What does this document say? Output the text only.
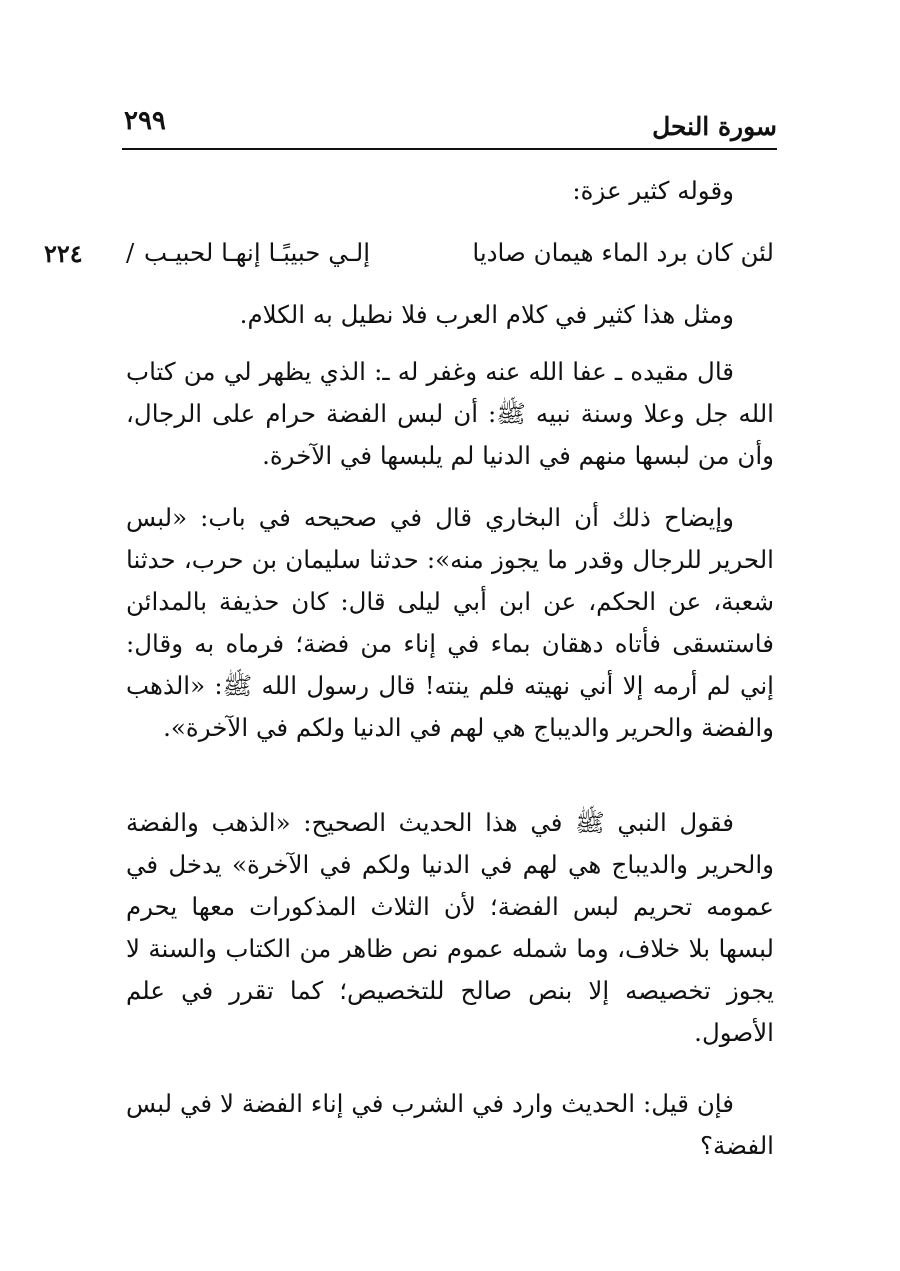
سورة النحل
٢٩٩
وقوله كثير عزة:
لئن كان برد الماء هيمان صاديا
إلـي حبيبًـا إنهـا لحبيـب
/
٢٢٤
ومثل هذا كثير في كلام العرب فلا نطيل به الكلام.
قال مقيده ـ عفا الله عنه وغفر له ـ: الذي يظهر لي من كتاب الله جل وعلا وسنة نبيه ﷺ: أن لبس الفضة حرام على الرجال، وأن من لبسها منهم في الدنيا لم يلبسها في الآخرة.
وإيضاح ذلك أن البخاري قال في صحيحه في باب: «لبس الحرير للرجال وقدر ما يجوز منه»: حدثنا سليمان بن حرب، حدثنا شعبة، عن الحكم، عن ابن أبي ليلى قال: كان حذيفة بالمدائن فاستسقى فأتاه دهقان بماء في إناء من فضة؛ فرماه به وقال: إني لم أرمه إلا أني نهيته فلم ينته! قال رسول الله ﷺ: «الذهب والفضة والحرير والديباج هي لهم في الدنيا ولكم في الآخرة».
فقول النبي ﷺ في هذا الحديث الصحيح: «الذهب والفضة والحرير والديباج هي لهم في الدنيا ولكم في الآخرة» يدخل في عمومه تحريم لبس الفضة؛ لأن الثلاث المذكورات معها يحرم لبسها بلا خلاف، وما شمله عموم نص ظاهر من الكتاب والسنة لا يجوز تخصيصه إلا بنص صالح للتخصيص؛ كما تقرر في علم الأصول.
فإن قيل: الحديث وارد في الشرب في إناء الفضة لا في لبس الفضة؟
